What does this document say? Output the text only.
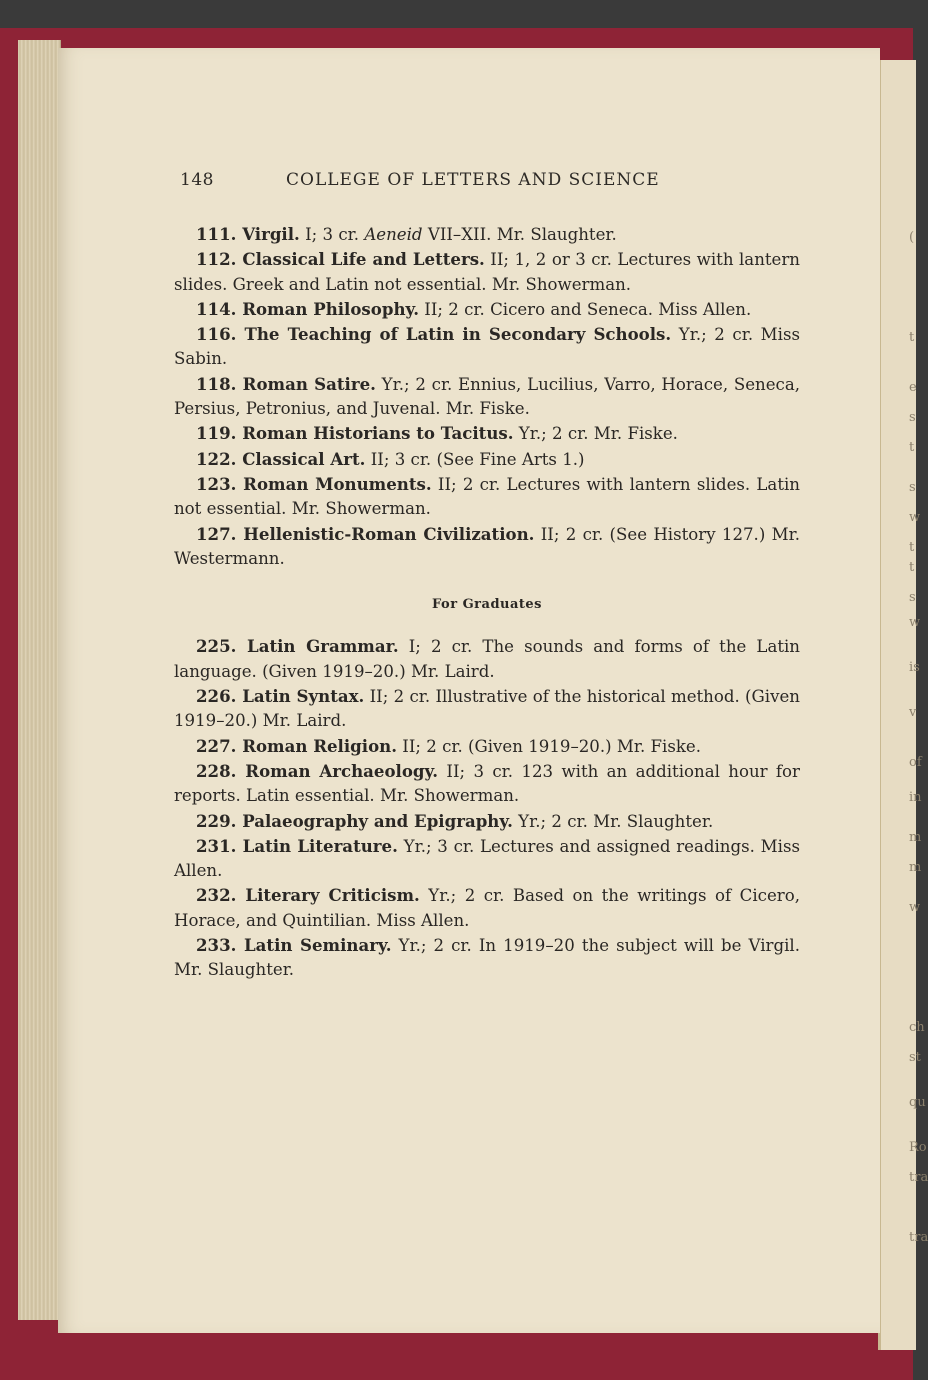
(
t
e
s
t
s
w
t
t
s
w
is
v
of
in
m
m
w
ch
st
qu
Ro
tra
tra
148	COLLEGE OF LETTERS AND SCIENCE

111. Virgil. I; 3 cr. Aeneid VII–XII. Mr. Slaughter.

112. Classical Life and Letters. II; 1, 2 or 3 cr. Lectures with lantern slides. Greek and Latin not essential. Mr. Showerman.

114. Roman Philosophy. II; 2 cr. Cicero and Seneca. Miss Allen.

116. The Teaching of Latin in Secondary Schools. Yr.; 2 cr. Miss Sabin.

118. Roman Satire. Yr.; 2 cr. Ennius, Lucilius, Varro, Horace, Seneca, Persius, Petronius, and Juvenal. Mr. Fiske.

119. Roman Historians to Tacitus. Yr.; 2 cr. Mr. Fiske.

122. Classical Art. II; 3 cr. (See Fine Arts 1.)

123. Roman Monuments. II; 2 cr. Lectures with lantern slides. Latin not essential. Mr. Showerman.

127. Hellenistic-Roman Civilization. II; 2 cr. (See History 127.) Mr. Westermann.

For Graduates

225. Latin Grammar. I; 2 cr. The sounds and forms of the Latin language. (Given 1919–20.) Mr. Laird.

226. Latin Syntax. II; 2 cr. Illustrative of the historical method. (Given 1919–20.) Mr. Laird.

227. Roman Religion. II; 2 cr. (Given 1919–20.) Mr. Fiske.

228. Roman Archaeology. II; 3 cr. 123 with an additional hour for reports. Latin essential. Mr. Showerman.

229. Palaeography and Epigraphy. Yr.; 2 cr. Mr. Slaughter.

231. Latin Literature. Yr.; 3 cr. Lectures and assigned readings. Miss Allen.

232. Literary Criticism. Yr.; 2 cr. Based on the writings of Cicero, Horace, and Quintilian. Miss Allen.

233. Latin Seminary. Yr.; 2 cr. In 1919–20 the subject will be Virgil. Mr. Slaughter.
